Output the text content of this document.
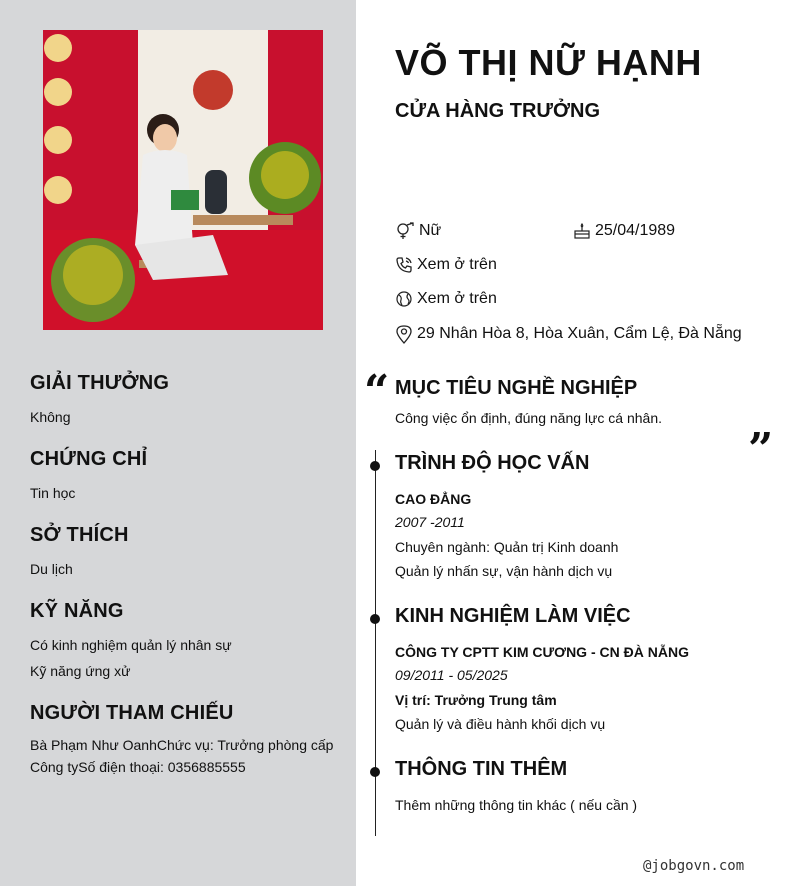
GIẢI THƯỞNG
Không
CHỨNG CHỈ
Tin học
SỞ THÍCH
Du lịch
KỸ NĂNG
Có kinh nghiệm quản lý nhân sự
Kỹ năng ứng xử
NGƯỜI THAM CHIẾU
Bà Phạm Như OanhChức vụ: Trưởng phòng cấp Công tySố điện thoại: 0356885555
VÕ THỊ NỮ HẠNH
CỬA HÀNG TRƯỞNG
Nữ	25/04/1989
Xem ở trên
Xem ở trên
29 Nhân Hòa 8, Hòa Xuân, Cẩm Lệ, Đà Nẵng
“
”
MỤC TIÊU NGHỀ NGHIỆP
Công việc ổn định, đúng năng lực cá nhân.
TRÌNH ĐỘ HỌC VẤN
CAO ĐẲNG
2007 -2011
Chuyên ngành: Quản trị Kinh doanh
Quản lý nhấn sự, vận hành dịch vụ
KINH NGHIỆM LÀM VIỆC
CÔNG TY CPTT KIM CƯƠNG - CN ĐÀ NẴNG
09/2011 - 05/2025
Vị trí: Trưởng Trung tâm
Quản lý và điều hành khối dịch vụ
THÔNG TIN THÊM
Thêm những thông tin khác ( nếu cần )
@jobgovn.com
